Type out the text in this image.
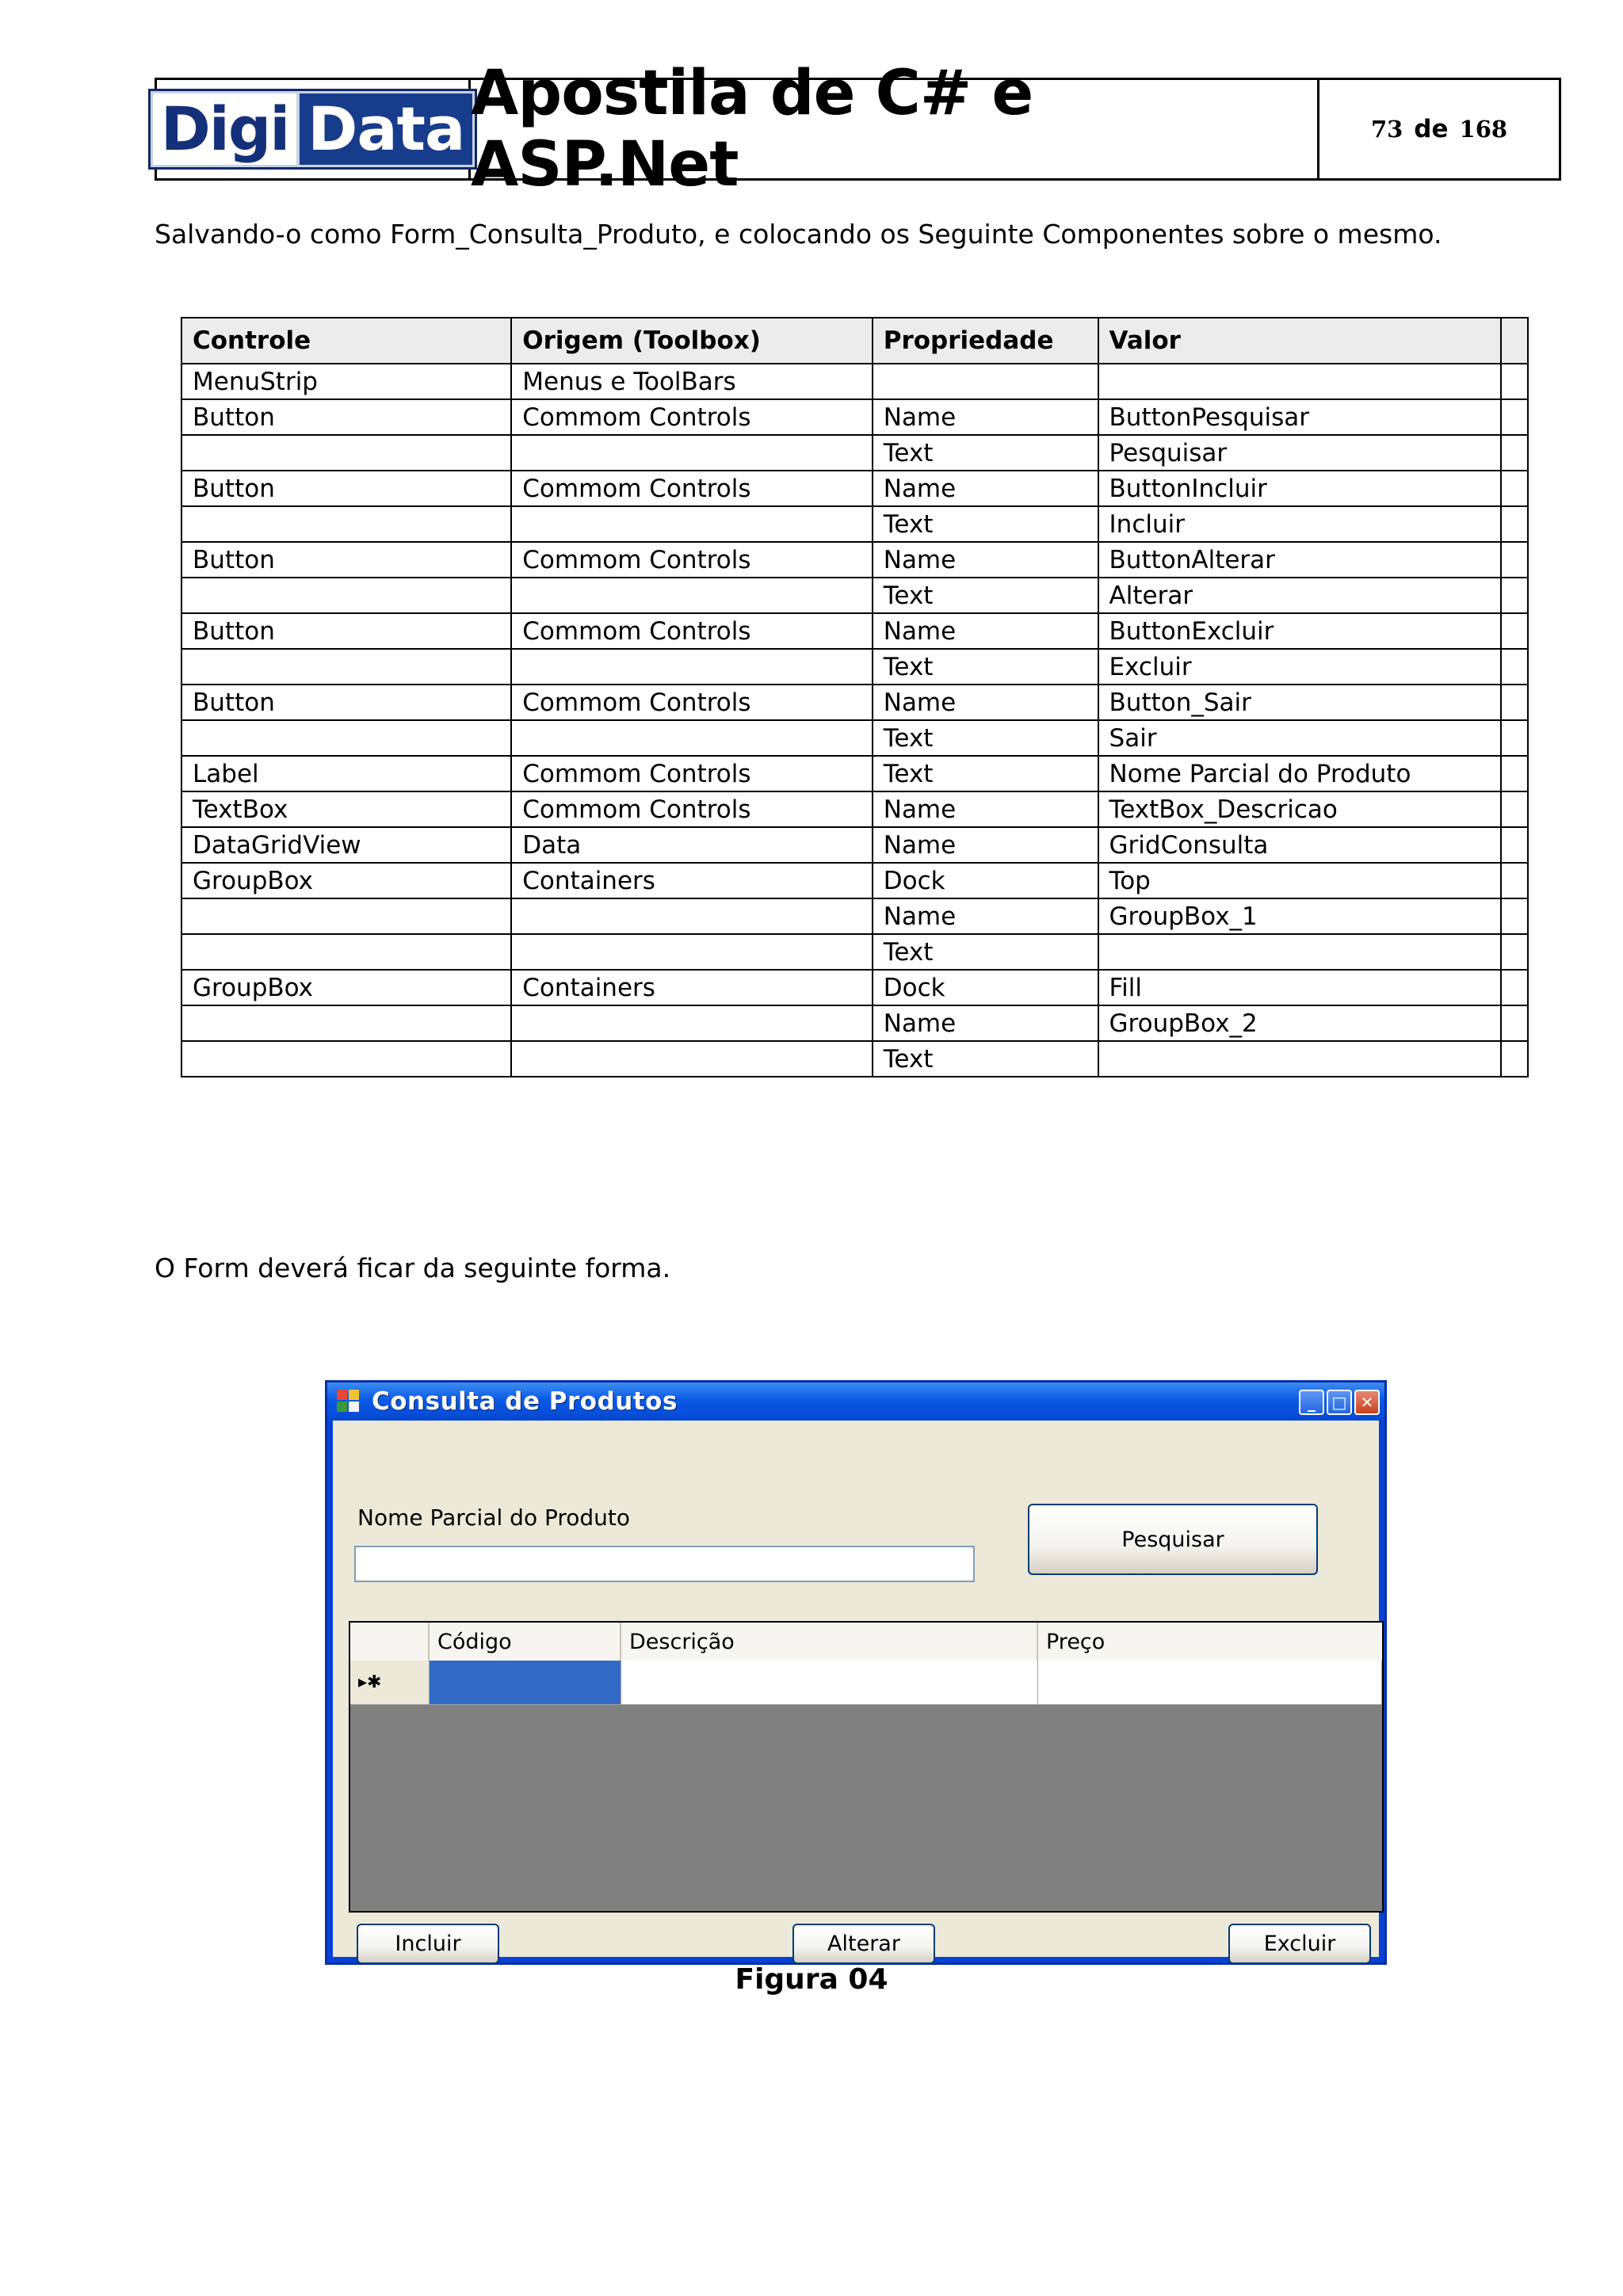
Digi Data Apostila de C# e ASP.Net	73 de 168
Salvando-o como Form_Consulta_Produto, e colocando os Seguinte Componentes sobre o mesmo.
Controle	Origem (Toolbox)	Propriedade	Valor	
MenuStrip	Menus e ToolBars			
Button	Commom Controls	Name	ButtonPesquisar	
		Text	Pesquisar	
Button	Commom Controls	Name	ButtonIncluir	
		Text	Incluir	
Button	Commom Controls	Name	ButtonAlterar	
		Text	Alterar	
Button	Commom Controls	Name	ButtonExcluir	
		Text	Excluir	
Button	Commom Controls	Name	Button_Sair	
		Text	Sair	
Label	Commom Controls	Text	Nome Parcial do Produto	
TextBox	Commom Controls	Name	TextBox_Descricao	
DataGridView	Data	Name	GridConsulta	
GroupBox	Containers	Dock	Top	
		Name	GroupBox_1	
		Text		
GroupBox	Containers	Dock	Fill	
		Name	GroupBox_2	
		Text		
O Form deverá ficar da seguinte forma.
Consulta de Produtos	_	□ ✕
Nome Parcial do Produto
Pesquisar
Código	Descrição	Preço
▸✱
Incluir	Alterar	Excluir
Figura 04
